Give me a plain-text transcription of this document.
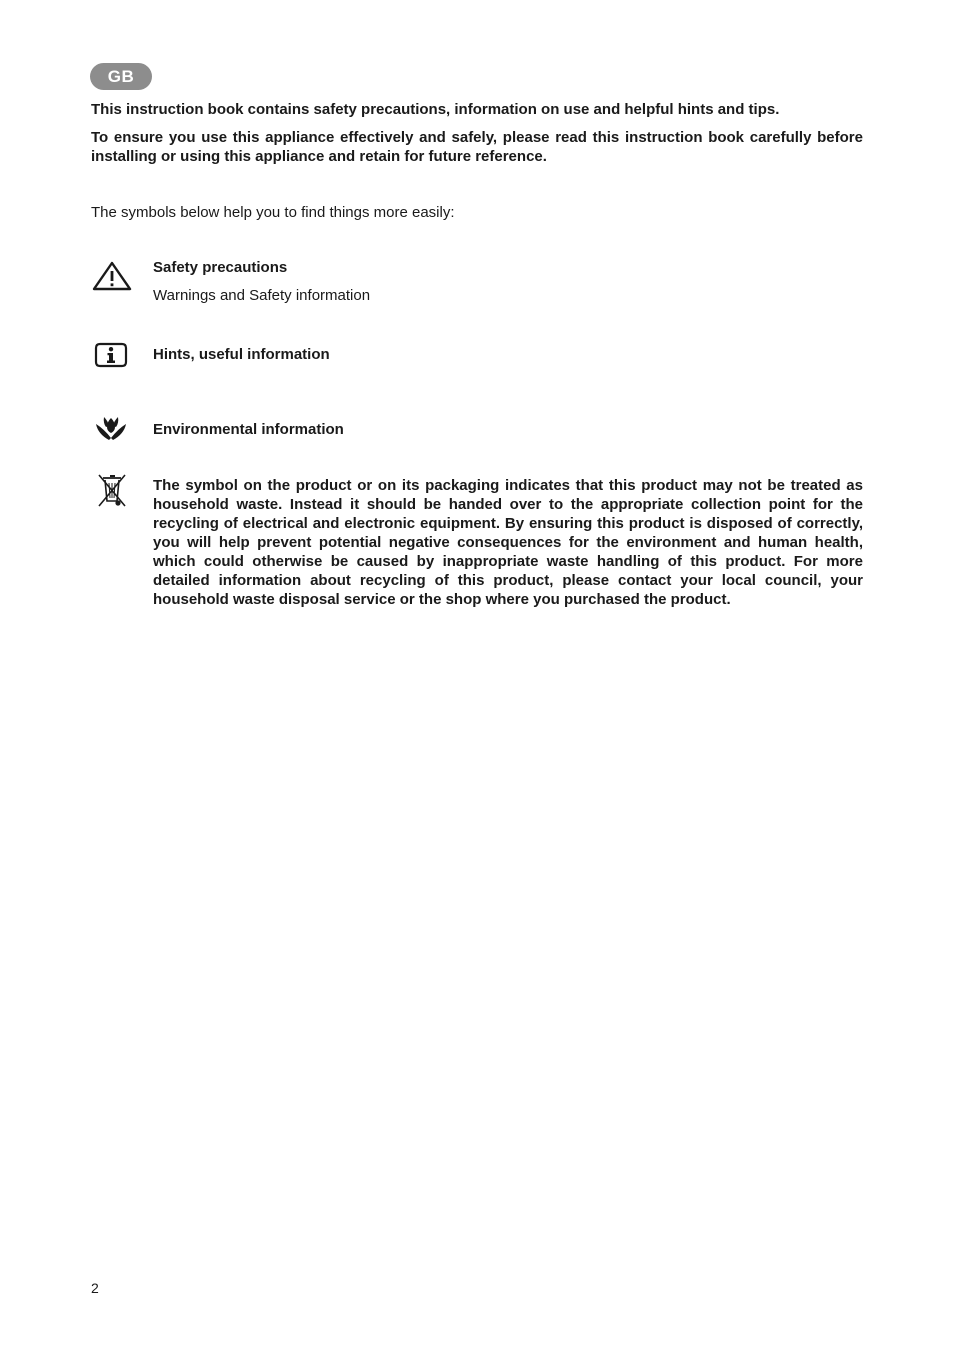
GB

This instruction book contains safety precautions, information on use and helpful hints and tips.

To ensure you use this appliance effectively and safely, please read this instruction book carefully before installing or using this appliance and retain for future reference.

The symbols below help you to find things more easily:

Safety precautions

Warnings and Safety information

Hints, useful information

Environmental information

The symbol on the product or on its packaging indicates that this product may not be treated as household waste. Instead it should be handed over to the appropriate collection point for the recycling of electrical and electronic equipment. By ensuring this product is disposed of correctly, you will help prevent potential negative consequences for the environment and human health, which could otherwise be caused by inappropriate waste handling of this product. For more detailed information about recycling of this product, please contact your local council, your household waste disposal service or the shop where you purchased the product.

2
